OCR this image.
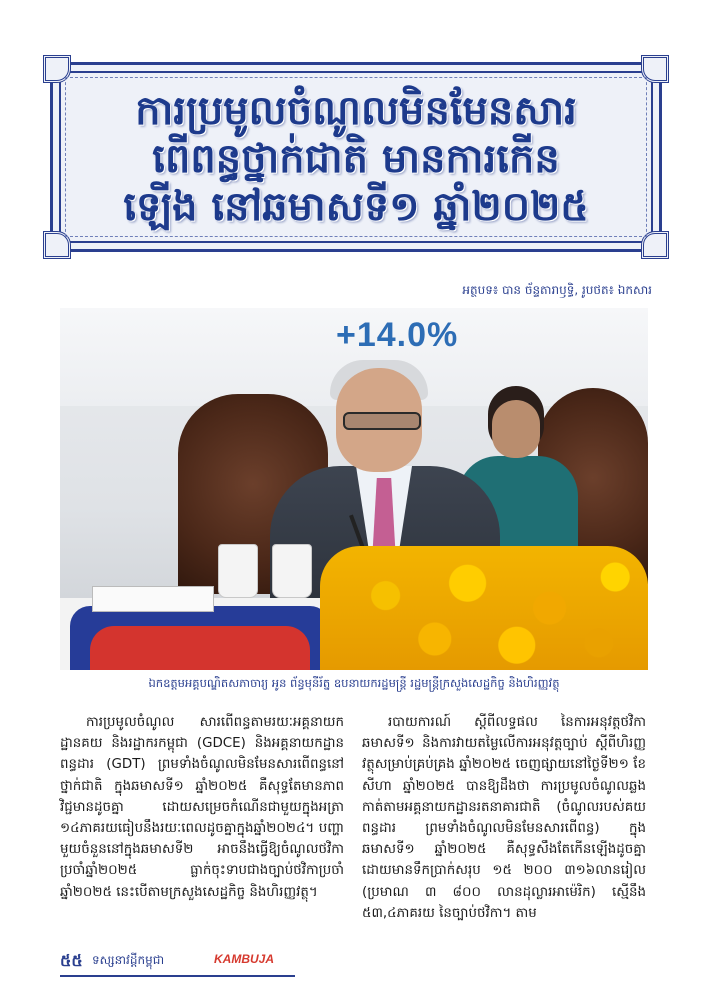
ការប្រមូលចំណូលមិនមែនសារ
ពើពន្ធថ្នាក់ជាតិ មានការកើន
ឡើង នៅឆមាសទី១ ឆ្នាំ២០២៥
អត្ថបទ៖ បាន ច័ន្ទតារាឫទ្ធិ, រូបថត៖ ឯកសារ
+14.0%
ឯកឧត្តមអគ្គបណ្ឌិតសភាចារ្យ អូន ព័ន្ធមុនីរ័ត្ន ឧបនាយករដ្ឋមន្ត្រី រដ្ឋមន្ត្រីក្រសួងសេដ្ឋកិច្ច និងហិរញ្ញវត្ថុ

ការប្រមូលចំណូល សារពើពន្ធតាមរយៈអគ្គនាយកដ្ឋានគយ និងរដ្ឋាករកម្ពុជា (GDCE) និងអគ្គនាយកដ្ឋានពន្ធដារ (GDT) ព្រមទាំងចំណូលមិនមែនសារពើពន្ធនៅថ្នាក់ជាតិ ក្នុងឆមាសទី១ ឆ្នាំ២០២៥ គឺសុទ្ធតែមានភាពវិជ្ជមានដូចគ្នា ដោយសម្រេចកំណើនជាមួយក្នុងអត្រា ១៤ភាគរយធៀបនឹងរយៈពេលដូចគ្នាក្នុងឆ្នាំ២០២៤។ បញ្ហាមួយចំនួននៅក្នុងឆមាសទី២ អាចនឹងធ្វើឱ្យចំណូលថវិកាប្រចាំឆ្នាំ២០២៥ ធ្លាក់ចុះទាបជាងច្បាប់ថវិកាប្រចាំឆ្នាំ២០២៥ នេះបើតាមក្រសួងសេដ្ឋកិច្ច និងហិរញ្ញវត្ថុ។

របាយការណ៍ ស្តីពីលទ្ធផល នៃការអនុវត្តថវិកាឆមាសទី១ និងការវាយតម្លៃលើការអនុវត្តច្បាប់ ស្តីពីហិរញ្ញវត្ថុសម្រាប់គ្រប់គ្រង ឆ្នាំ២០២៥ ចេញផ្សាយនៅថ្ងៃទី២១ ខែសីហា ឆ្នាំ២០២៥ បានឱ្យដឹងថា ការប្រមូលចំណូលឆ្លងកាត់តាមអគ្គនាយកដ្ឋានរតនាគារជាតិ (ចំណូលរបស់គយ ពន្ធដារ ព្រមទាំងចំណូលមិនមែនសារពើពន្ធ) ក្នុងឆមាសទី១ ឆ្នាំ២០២៥ គឺសុទ្ធសឹងតែកើនឡើងដូចគ្នា ដោយមានទឹកប្រាក់សរុប ១៥ ២០០ ៣១៦លានរៀល (ប្រមាណ ៣ ៨០០ លានដុល្លារអាម៉េរិក) ស្មើនឹង ៥៣,៤ភាគរយ នៃច្បាប់ថវិកា។ តាម

៥៥ ទស្សនាវដ្តីកម្ពុជា	KAMBUJA
